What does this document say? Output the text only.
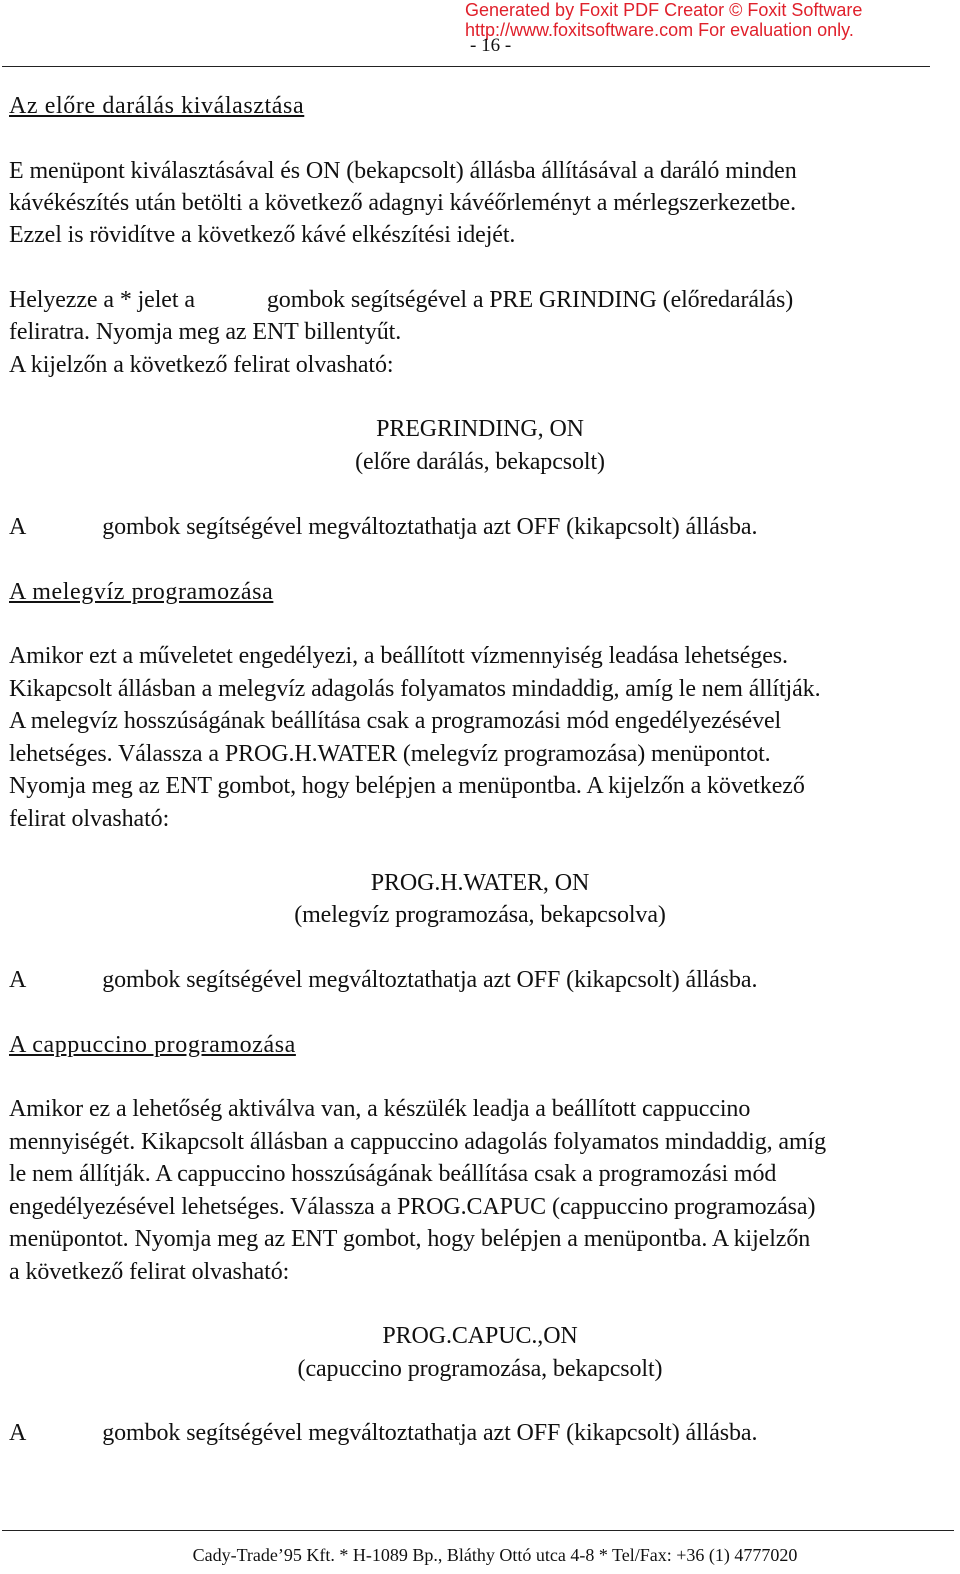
Generated by Foxit PDF Creator © Foxit Software
http://www.foxitsoftware.com For evaluation only.
- 16 -
Az előre darálás kiválasztása
E menüpont kiválasztásával és ON (bekapcsolt) állásba állításával a daráló minden
kávékészítés után betölti a következő adagnyi kávéőrleményt a mérlegszerkezetbe.
Ezzel is rövidítve a következő kávé elkészítési idejét.
Helyezze a * jelet a	gombok segítségével a PRE GRINDING (előredarálás)
feliratra. Nyomja meg az ENT billentyűt.
A kijelzőn a következő felirat olvasható:
PREGRINDING, ON
(előre darálás, bekapcsolt)
A	gombok segítségével megváltoztathatja azt OFF (kikapcsolt) állásba.
A melegvíz programozása
Amikor ezt a műveletet engedélyezi, a beállított vízmennyiség leadása lehetséges.
Kikapcsolt állásban a melegvíz adagolás folyamatos mindaddig, amíg le nem állítják.
A melegvíz hosszúságának beállítása csak a programozási mód engedélyezésével
lehetséges. Válassza a PROG.H.WATER (melegvíz programozása) menüpontot.
Nyomja meg az ENT gombot, hogy belépjen a menüpontba. A kijelzőn a következő
felirat olvasható:
PROG.H.WATER, ON
(melegvíz programozása, bekapcsolva)
A	gombok segítségével megváltoztathatja azt OFF (kikapcsolt) állásba.
A cappuccino programozása
Amikor ez a lehetőség aktiválva van, a készülék leadja a beállított cappuccino
mennyiségét. Kikapcsolt állásban a cappuccino adagolás folyamatos mindaddig, amíg
le nem állítják. A cappuccino hosszúságának beállítása csak a programozási mód
engedélyezésével lehetséges. Válassza a PROG.CAPUC (cappuccino programozása)
menüpontot. Nyomja meg az ENT gombot, hogy belépjen a menüpontba. A kijelzőn
a következő felirat olvasható:
PROG.CAPUC.,ON
(capuccino programozása, bekapcsolt)
A	gombok segítségével megváltoztathatja azt OFF (kikapcsolt) állásba.
Cady-Trade’95 Kft. * H-1089 Bp., Bláthy Ottó utca 4-8 * Tel/Fax: +36 (1) 4777020
